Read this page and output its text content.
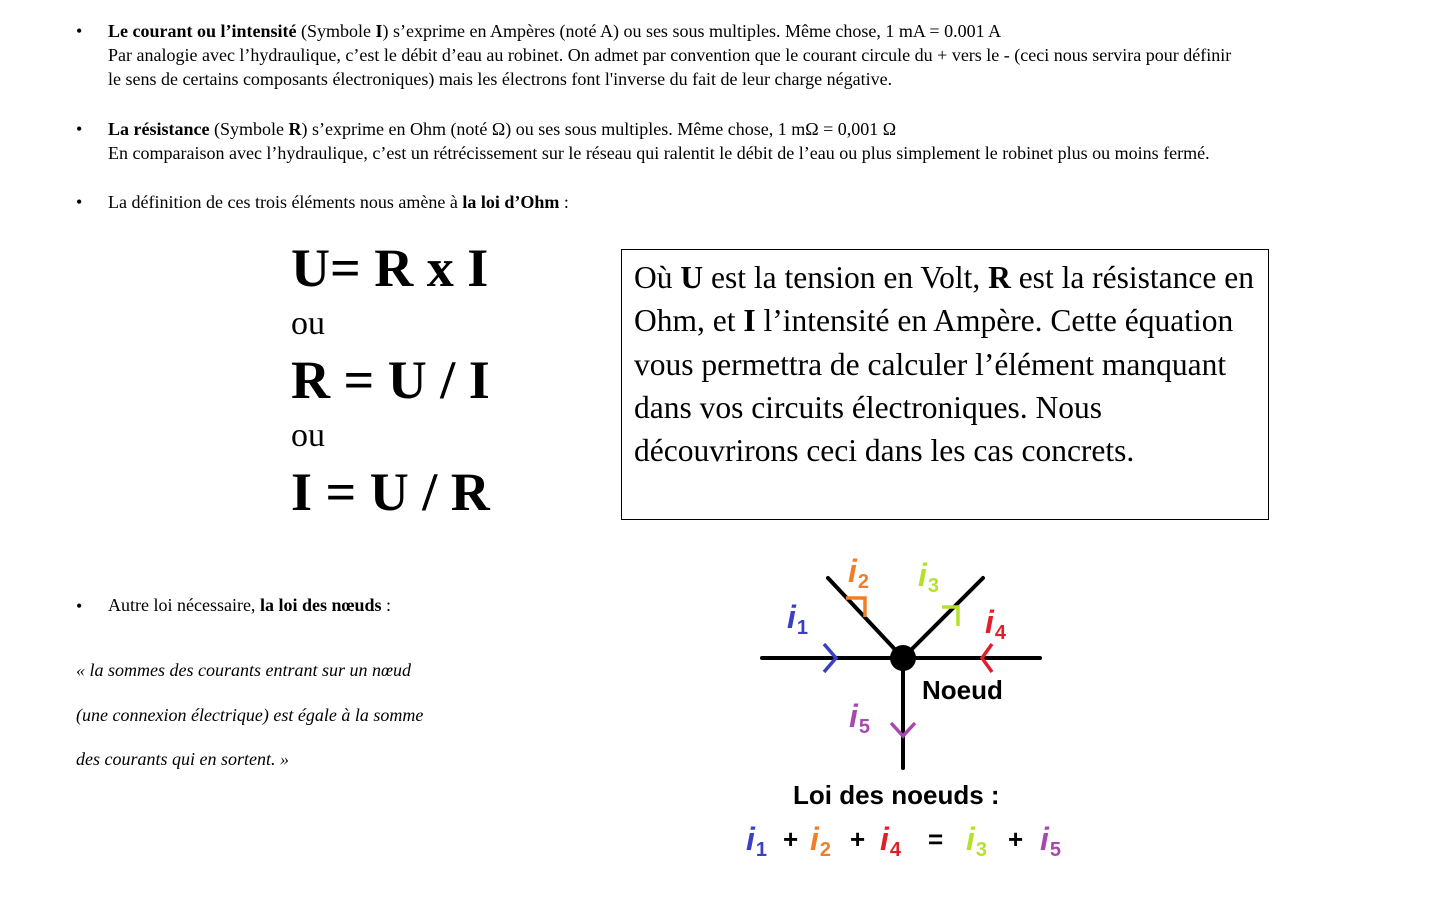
• Le courant ou l’intensité (Symbole I) s’exprime en Ampères (noté A) ou ses sous multiples. Même chose, 1 mA = 0.001 A
Par analogie avec l’hydraulique, c’est le débit d’eau au robinet. On admet par convention que le courant circule du + vers le - (ceci nous servira pour définir
le sens de certains composants électroniques) mais les électrons font l'inverse du fait de leur charge négative.
• La résistance (Symbole R) s’exprime en Ohm (noté Ω) ou ses sous multiples. Même chose, 1 mΩ = 0,001 Ω
En comparaison avec l’hydraulique, c’est un rétrécissement sur le réseau qui ralentit le débit de l’eau ou plus simplement le robinet plus ou moins fermé.
• La définition de ces trois éléments nous amène à la loi d’Ohm :
U= R x I
ou
R = U / I
ou
I = U / R
Où U est la tension en Volt, R est la résistance en Ohm, et I l’intensité en Ampère. Cette équation vous permettra de calculer l’élément manquant dans vos circuits électroniques. Nous découvrirons ceci dans les cas concrets.
• Autre loi nécessaire, la loi des nœuds :
« la sommes des courants entrant sur un nœud
(une connexion électrique) est égale à la somme
des courants qui en sortent. »
$i_1$
$i_2$ $i_3$
$i_4$
$i_5$
Noeud
Loi des noeuds :
$i_1 + i_2 + i_4 = i_3 + i_5$
